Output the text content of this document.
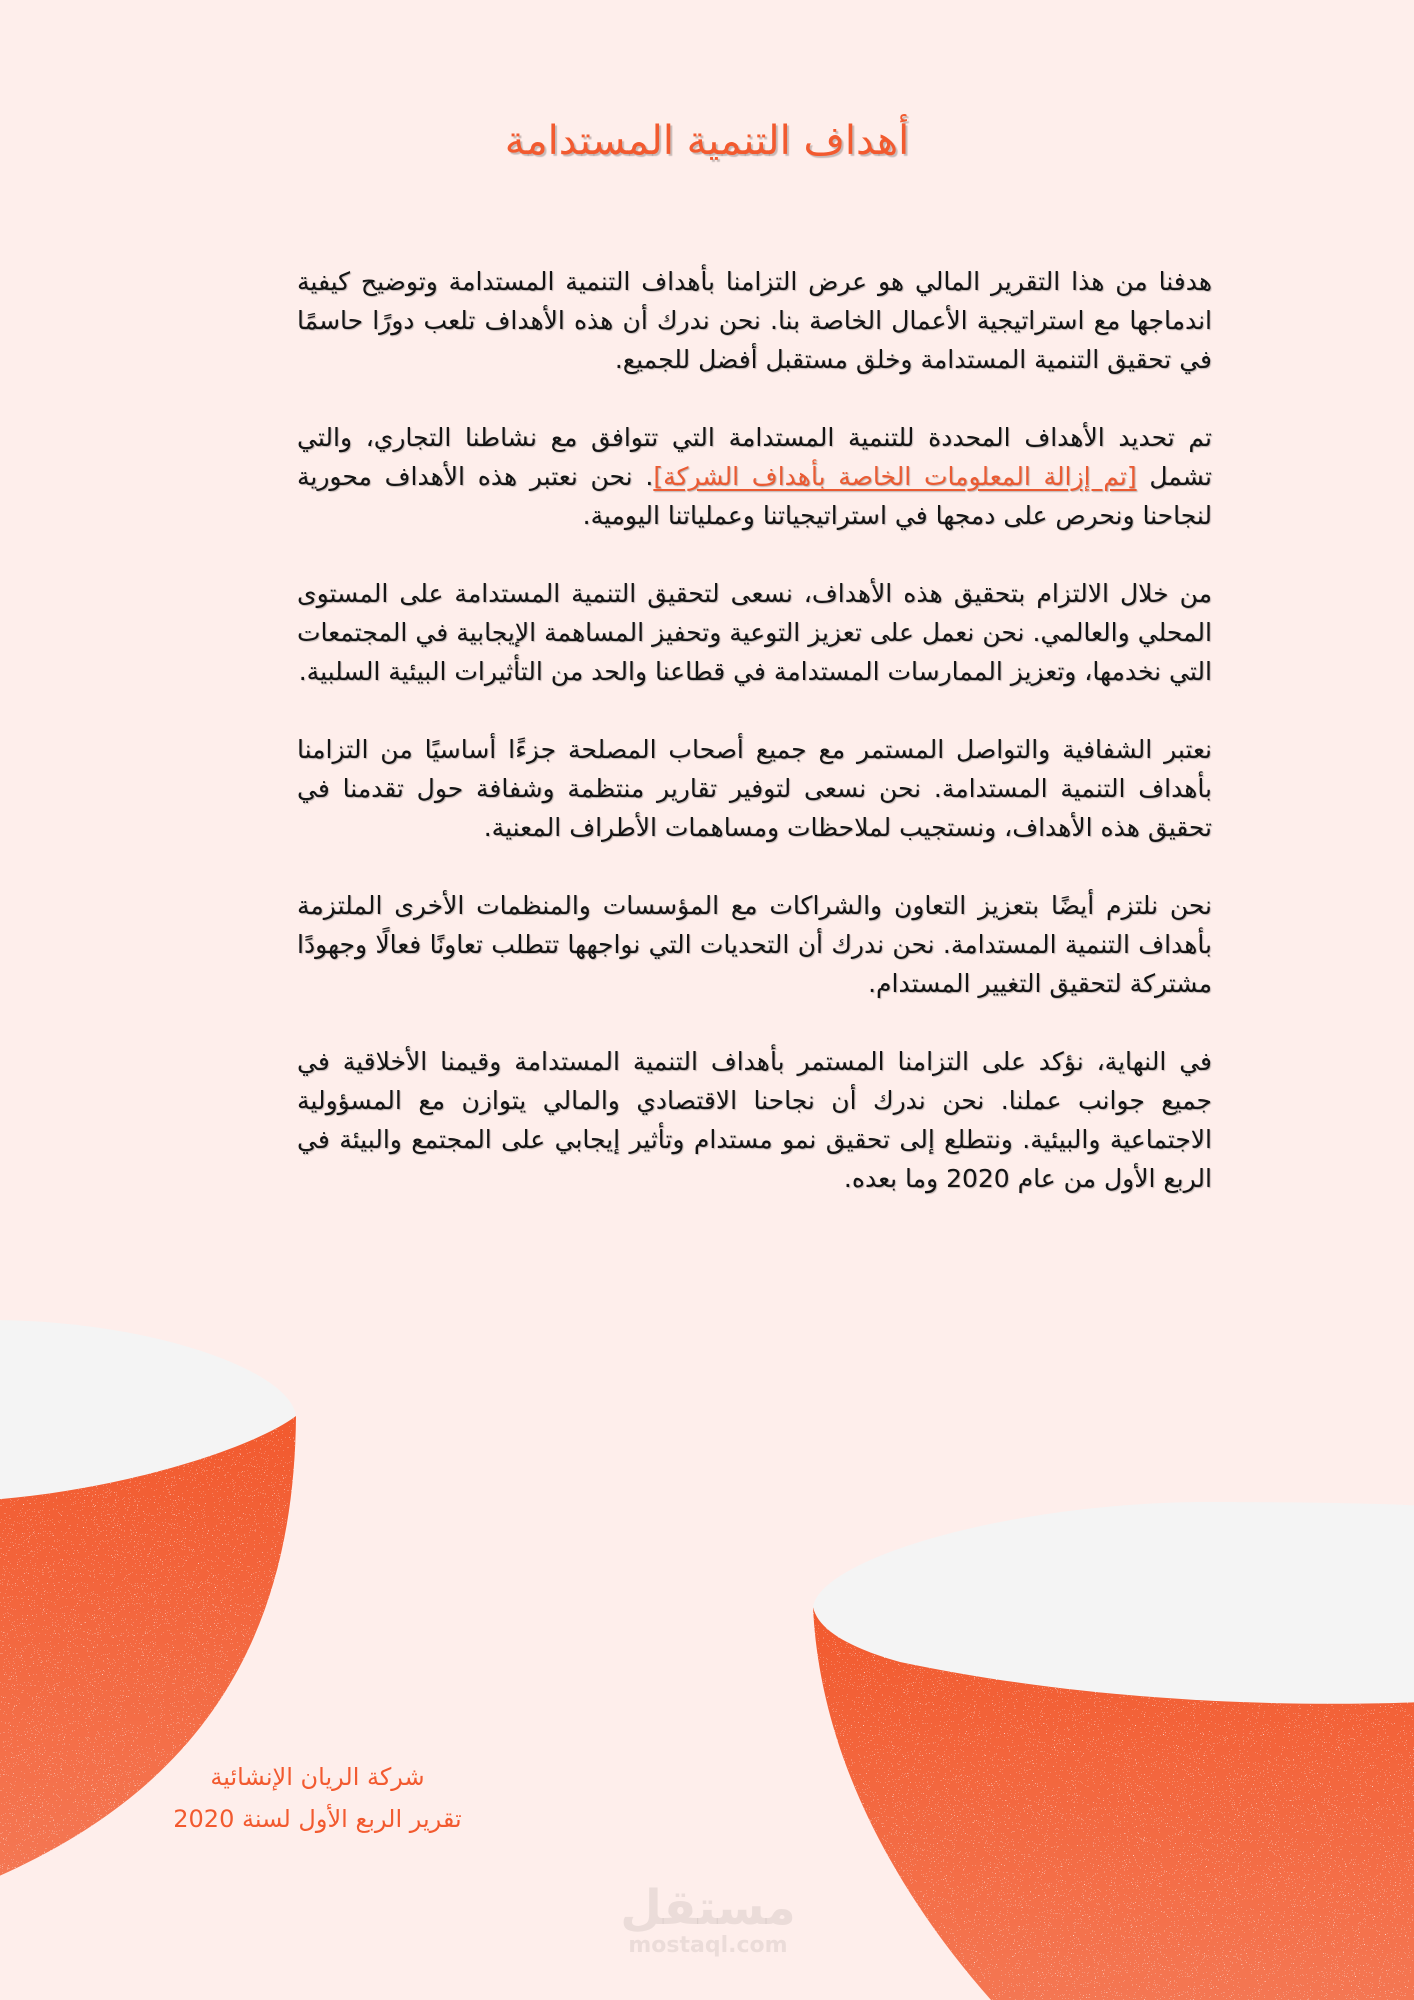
أهداف التنمية المستدامة

هدفنا من هذا التقرير المالي هو عرض التزامنا بأهداف التنمية المستدامة وتوضيح كيفية اندماجها مع استراتيجية الأعمال الخاصة بنا. نحن ندرك أن هذه الأهداف تلعب دورًا حاسمًا في تحقيق التنمية المستدامة وخلق مستقبل أفضل للجميع.

تم تحديد الأهداف المحددة للتنمية المستدامة التي تتوافق مع نشاطنا التجاري، والتي تشمل [تم إزالة المعلومات الخاصة بأهداف الشركة]. نحن نعتبر هذه الأهداف محورية لنجاحنا ونحرص على دمجها في استراتيجياتنا وعملياتنا اليومية.

من خلال الالتزام بتحقيق هذه الأهداف، نسعى لتحقيق التنمية المستدامة على المستوى المحلي والعالمي. نحن نعمل على تعزيز التوعية وتحفيز المساهمة الإيجابية في المجتمعات التي نخدمها، وتعزيز الممارسات المستدامة في قطاعنا والحد من التأثيرات البيئية السلبية.

نعتبر الشفافية والتواصل المستمر مع جميع أصحاب المصلحة جزءًا أساسيًا من التزامنا بأهداف التنمية المستدامة. نحن نسعى لتوفير تقارير منتظمة وشفافة حول تقدمنا في تحقيق هذه الأهداف، ونستجيب لملاحظات ومساهمات الأطراف المعنية.

نحن نلتزم أيضًا بتعزيز التعاون والشراكات مع المؤسسات والمنظمات الأخرى الملتزمة بأهداف التنمية المستدامة. نحن ندرك أن التحديات التي نواجهها تتطلب تعاونًا فعالًا وجهودًا مشتركة لتحقيق التغيير المستدام.

في النهاية، نؤكد على التزامنا المستمر بأهداف التنمية المستدامة وقيمنا الأخلاقية في جميع جوانب عملنا. نحن ندرك أن نجاحنا الاقتصادي والمالي يتوازن مع المسؤولية الاجتماعية والبيئية. ونتطلع إلى تحقيق نمو مستدام وتأثير إيجابي على المجتمع والبيئة في الربع الأول من عام 2020 وما بعده.

شركة الريان الإنشائية
تقرير الربع الأول لسنة 2020
مستقل
mostaql.com
